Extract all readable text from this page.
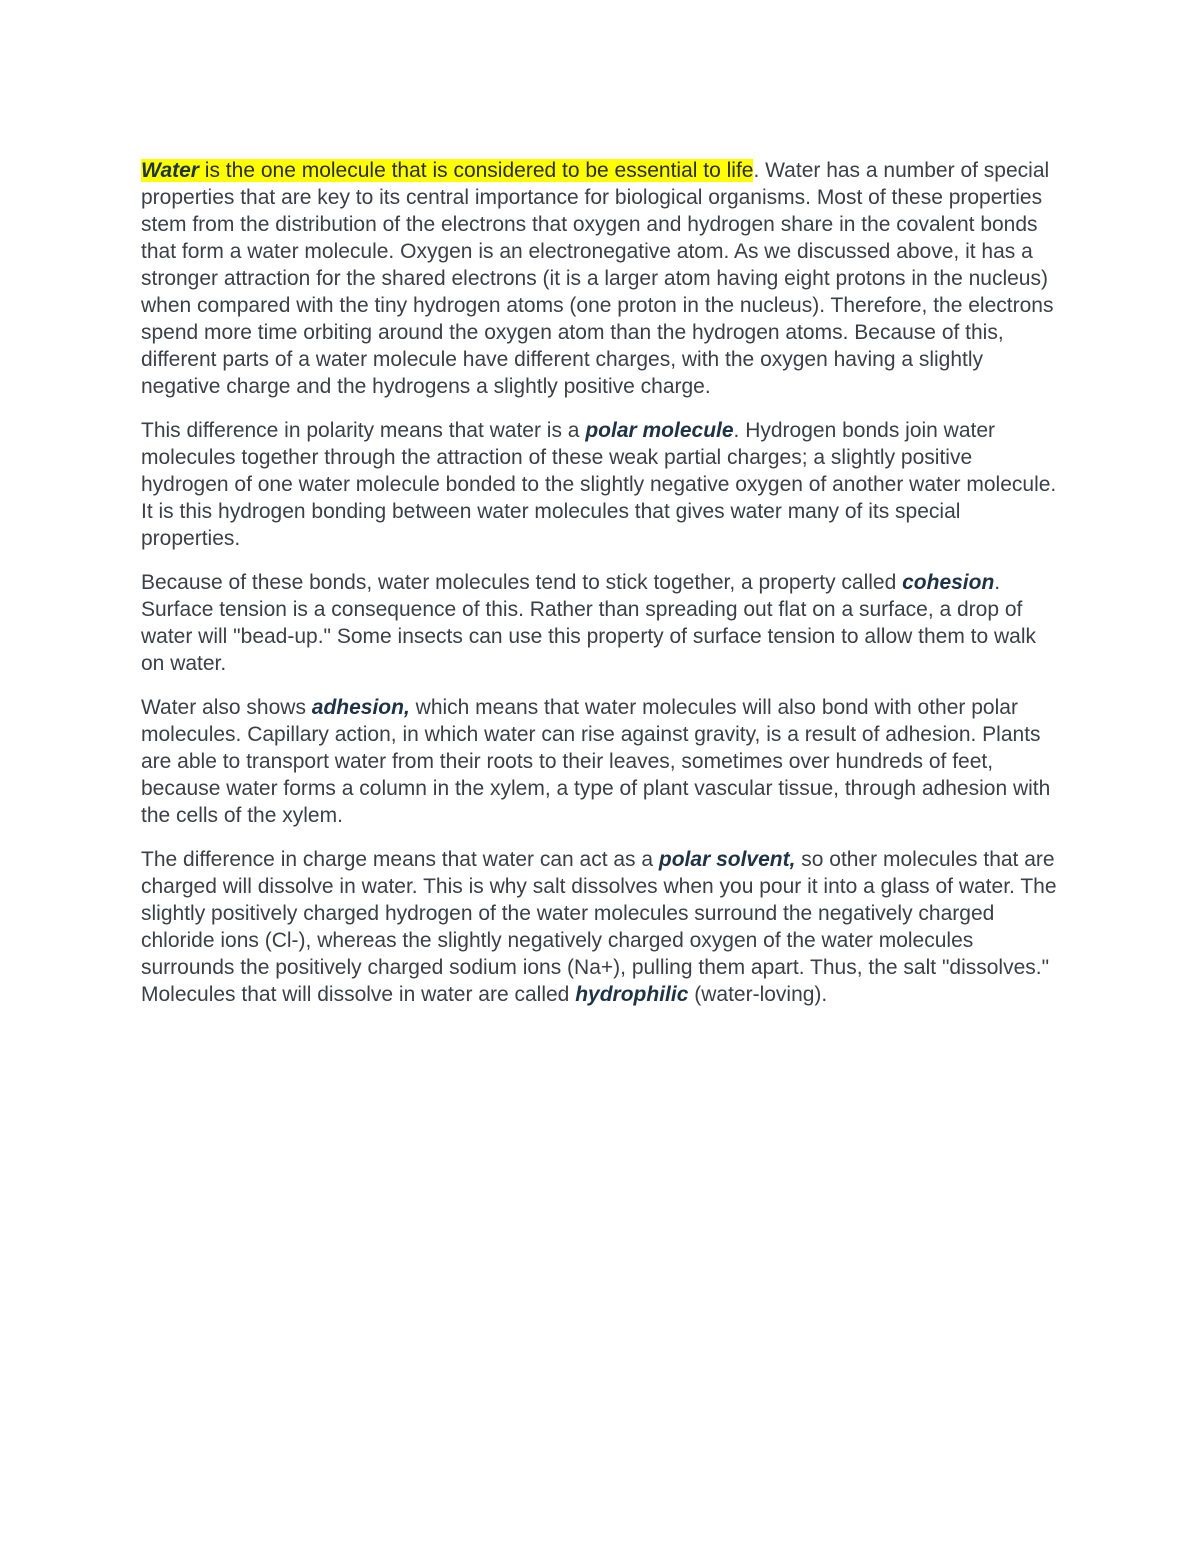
Water is the one molecule that is considered to be essential to life. Water has a number of special properties that are key to its central importance for biological organisms. Most of these properties stem from the distribution of the electrons that oxygen and hydrogen share in the covalent bonds that form a water molecule. Oxygen is an electronegative atom. As we discussed above, it has a stronger attraction for the shared electrons (it is a larger atom having eight protons in the nucleus) when compared with the tiny hydrogen atoms (one proton in the nucleus). Therefore, the electrons spend more time orbiting around the oxygen atom than the hydrogen atoms. Because of this, different parts of a water molecule have different charges, with the oxygen having a slightly negative charge and the hydrogens a slightly positive charge.

This difference in polarity means that water is a polar molecule. Hydrogen bonds join water molecules together through the attraction of these weak partial charges; a slightly positive hydrogen of one water molecule bonded to the slightly negative oxygen of another water molecule. It is this hydrogen bonding between water molecules that gives water many of its special properties.

Because of these bonds, water molecules tend to stick together, a property called cohesion. Surface tension is a consequence of this. Rather than spreading out flat on a surface, a drop of water will "bead-up." Some insects can use this property of surface tension to allow them to walk on water.

Water also shows adhesion, which means that water molecules will also bond with other polar molecules. Capillary action, in which water can rise against gravity, is a result of adhesion. Plants are able to transport water from their roots to their leaves, sometimes over hundreds of feet, because water forms a column in the xylem, a type of plant vascular tissue, through adhesion with the cells of the xylem.

The difference in charge means that water can act as a polar solvent, so other molecules that are charged will dissolve in water. This is why salt dissolves when you pour it into a glass of water. The slightly positively charged hydrogen of the water molecules surround the negatively charged chloride ions (Cl-), whereas the slightly negatively charged oxygen of the water molecules surrounds the positively charged sodium ions (Na+), pulling them apart. Thus, the salt "dissolves." Molecules that will dissolve in water are called hydrophilic (water-loving).
